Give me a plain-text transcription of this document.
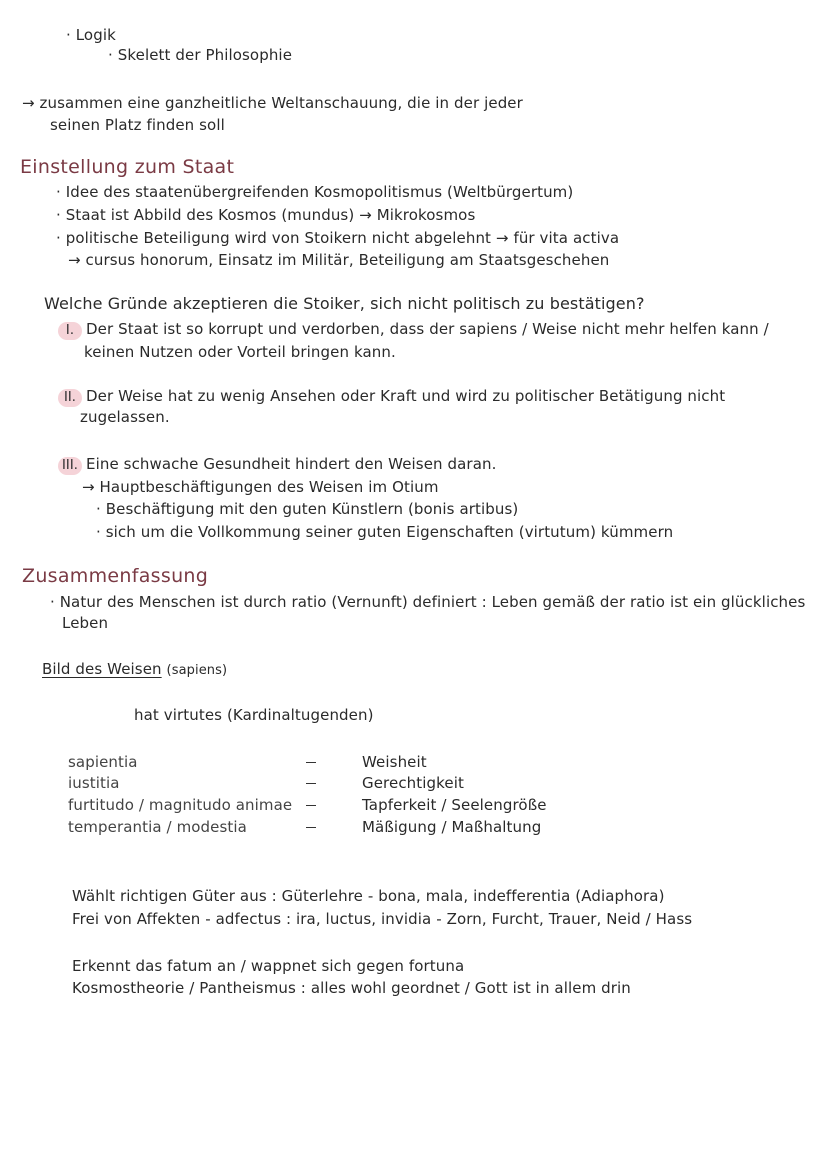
· Logik
· Skelett der Philosophie
→ zusammen eine ganzheitliche Weltanschauung, die in der jeder
seinen Platz finden soll
Einstellung zum Staat
· Idee des staatenübergreifenden Kosmopolitismus (Weltbürgertum)
· Staat ist Abbild des Kosmos (mundus) → Mikrokosmos
· politische Beteiligung wird von Stoikern nicht abgelehnt → für vita activa
→ cursus honorum, Einsatz im Militär, Beteiligung am Staatsgeschehen
Welche Gründe akzeptieren die Stoiker, sich nicht politisch zu bestätigen?
I. Der Staat ist so korrupt und verdorben, dass der sapiens / Weise nicht mehr helfen kann /
keinen Nutzen oder Vorteil bringen kann.
II. Der Weise hat zu wenig Ansehen oder Kraft und wird zu politischer Betätigung nicht
zugelassen.
III. Eine schwache Gesundheit hindert den Weisen daran.
→ Hauptbeschäftigungen des Weisen im Otium
· Beschäftigung mit den guten Künstlern (bonis artibus)
· sich um die Vollkommung seiner guten Eigenschaften (virtutum) kümmern
Zusammenfassung
· Natur des Menschen ist durch ratio (Vernunft) definiert : Leben gemäß der ratio ist ein glückliches
Leben
Bild des Weisen (sapiens)
hat virtutes (Kardinaltugenden)
sapientia
iustitia
furtitudo / magnitudo animae
temperantia / modestia
Weisheit
Gerechtigkeit
Tapferkeit / Seelengröße
Mäßigung / Maßhaltung
Wählt richtigen Güter aus : Güterlehre - bona, mala, indefferentia (Adiaphora)
Frei von Affekten - adfectus : ira, luctus, invidia - Zorn, Furcht, Trauer, Neid / Hass
Erkennt das fatum an / wappnet sich gegen fortuna
Kosmostheorie / Pantheismus : alles wohl geordnet / Gott ist in allem drin
